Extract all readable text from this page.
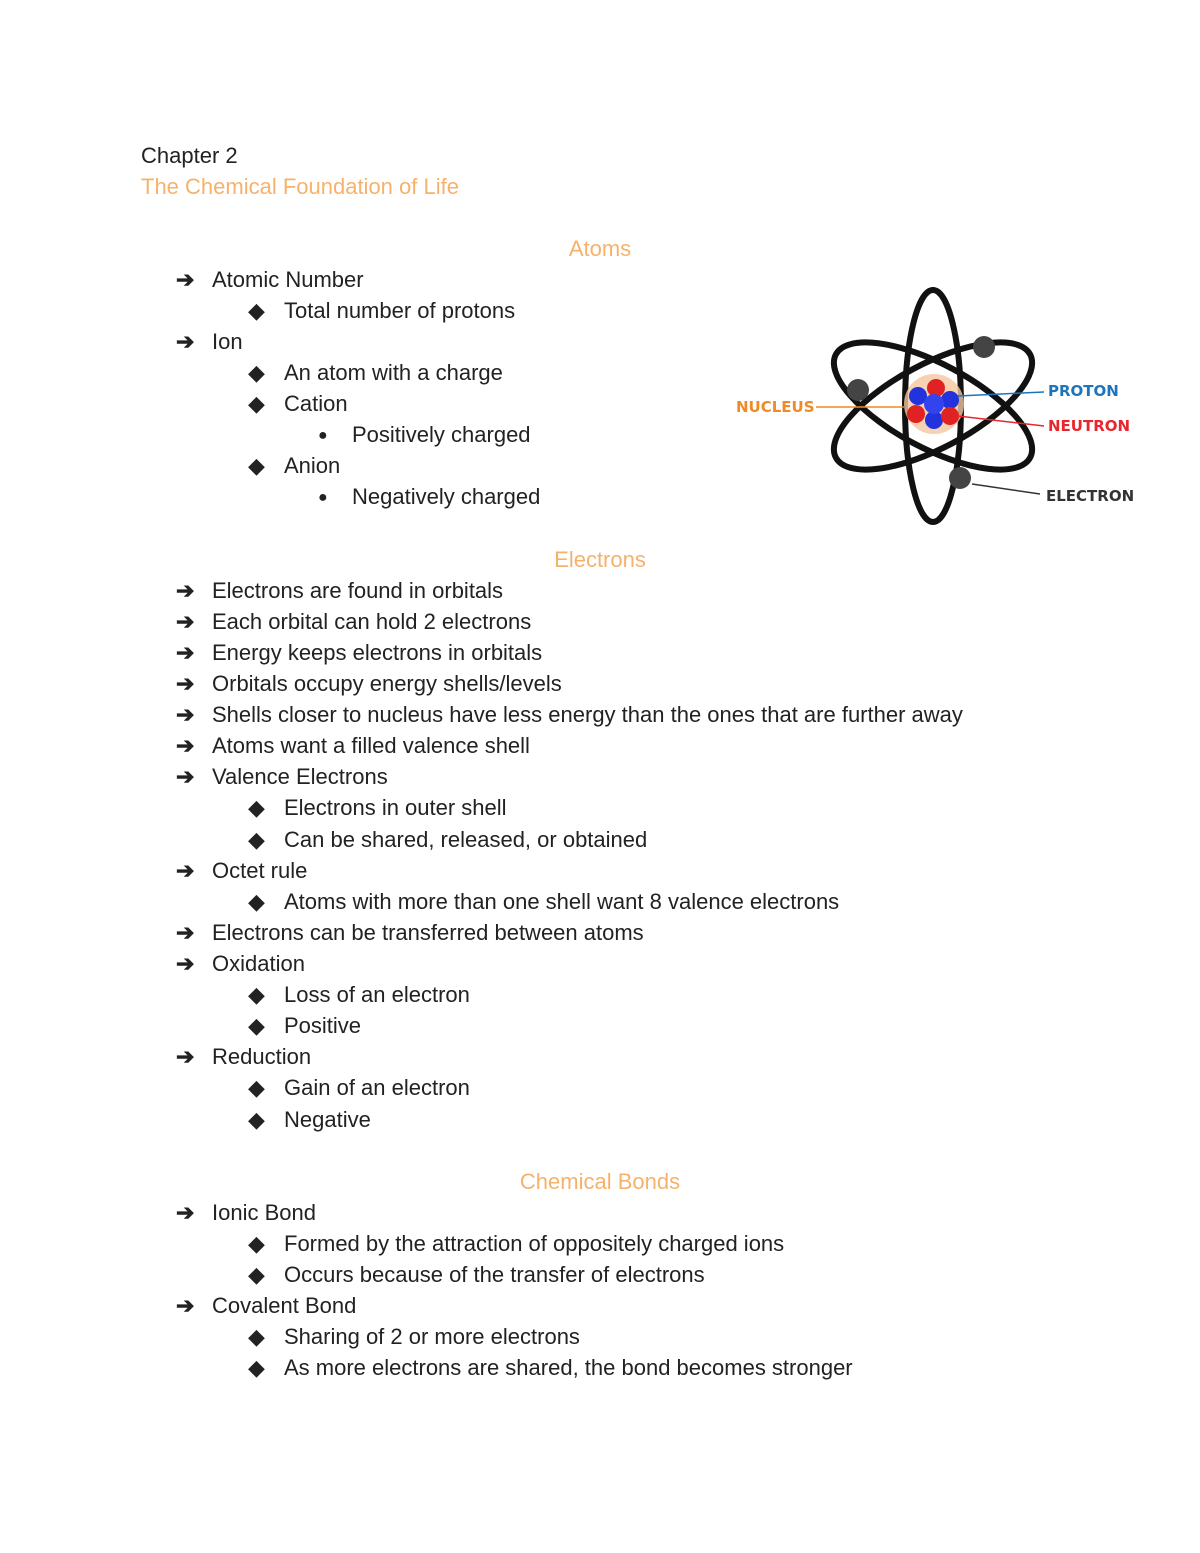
Chapter 2
The Chemical Foundation of Life
Atoms
➔ Atomic Number
◆ Total number of protons
➔ Ion
◆ An atom with a charge
◆ Cation
● Positively charged
◆ Anion
● Negatively charged
NUCLEUS
PROTON
NEUTRON
ELECTRON
Electrons
➔ Electrons are found in orbitals
➔ Each orbital can hold 2 electrons
➔ Energy keeps electrons in orbitals
➔ Orbitals occupy energy shells/levels
➔ Shells closer to nucleus have less energy than the ones that are further away
➔ Atoms want a filled valence shell
➔ Valence Electrons
◆ Electrons in outer shell
◆ Can be shared, released, or obtained
➔ Octet rule
◆ Atoms with more than one shell want 8 valence electrons
➔ Electrons can be transferred between atoms
➔ Oxidation
◆ Loss of an electron
◆ Positive
➔ Reduction
◆ Gain of an electron
◆ Negative
Chemical Bonds
➔ Ionic Bond
◆ Formed by the attraction of oppositely charged ions
◆ Occurs because of the transfer of electrons
➔ Covalent Bond
◆ Sharing of 2 or more electrons
◆ As more electrons are shared, the bond becomes stronger
